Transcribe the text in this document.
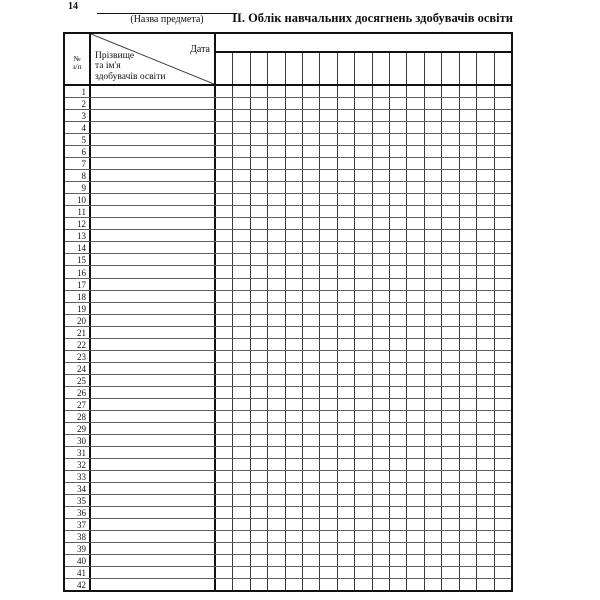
14
(Назва предмета)	ІІ. Облік навчальних досягнень здобувачів освіти
№
з/п
Дата
Прізвище
та ім'я
здобувачів освіти
1
2
3
4
5
6
7
8
9
10
11
12
13
14
15
16
17
18
19
20
21
22
23
24
25
26
27
28
29
30
31
32
33
34
35
36
37
38
39
40
41
42
